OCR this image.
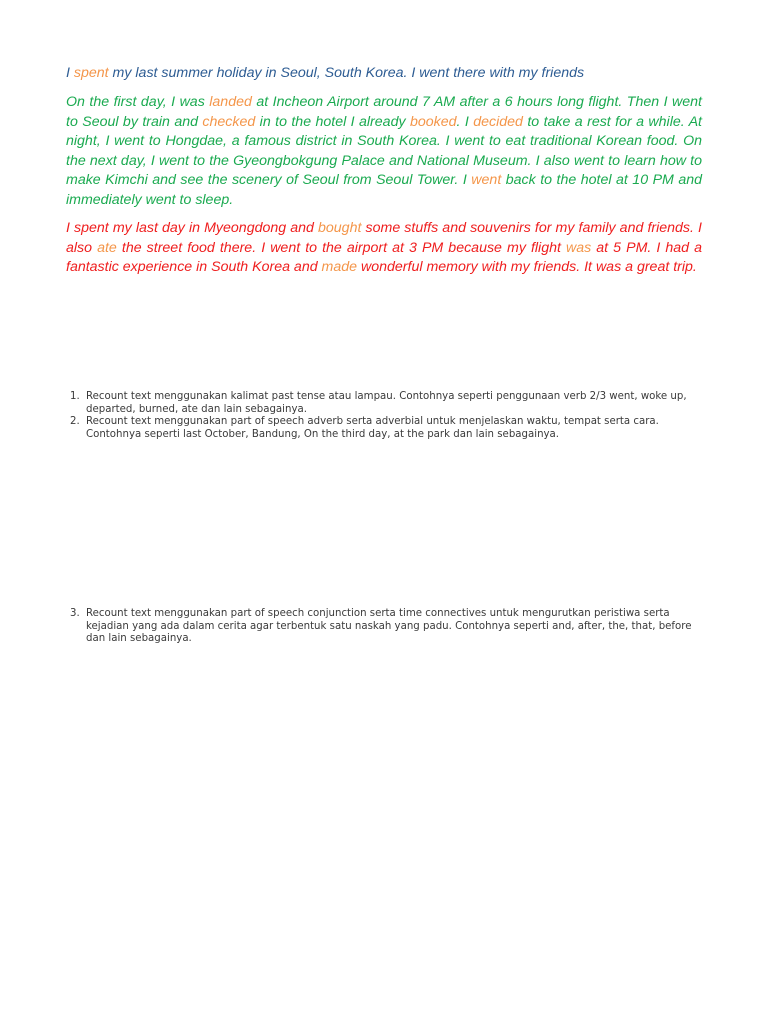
I spent my last summer holiday in Seoul, South Korea. I went there with my friends

On the first day, I was landed at Incheon Airport around 7 AM after a 6 hours long flight. Then I went to Seoul by train and checked in to the hotel I already booked. I decided to take a rest for a while. At night, I went to Hongdae, a famous district in South Korea. I went to eat traditional Korean food. On the next day, I went to the Gyeongbokgung Palace and National Museum. I also went to learn how to make Kimchi and see the scenery of Seoul from Seoul Tower. I went back to the hotel at 10 PM and immediately went to sleep.

I spent my last day in Myeongdong and bought some stuffs and souvenirs for my family and friends. I also ate the street food there. I went to the airport at 3 PM because my flight was at 5 PM. I had a fantastic experience in South Korea and made wonderful memory with my friends. It was a great trip.

1. Recount text menggunakan kalimat past tense atau lampau. Contohnya seperti penggunaan verb 2/3 went, woke up, departed, burned, ate dan lain sebagainya.
2. Recount text menggunakan part of speech adverb serta adverbial untuk menjelaskan waktu, tempat serta cara. Contohnya seperti last October, Bandung, On the third day, at the park dan lain sebagainya.
3. Recount text menggunakan part of speech conjunction serta time connectives untuk mengurutkan peristiwa serta kejadian yang ada dalam cerita agar terbentuk satu naskah yang padu. Contohnya seperti and, after, the, that, before dan lain sebagainya.
